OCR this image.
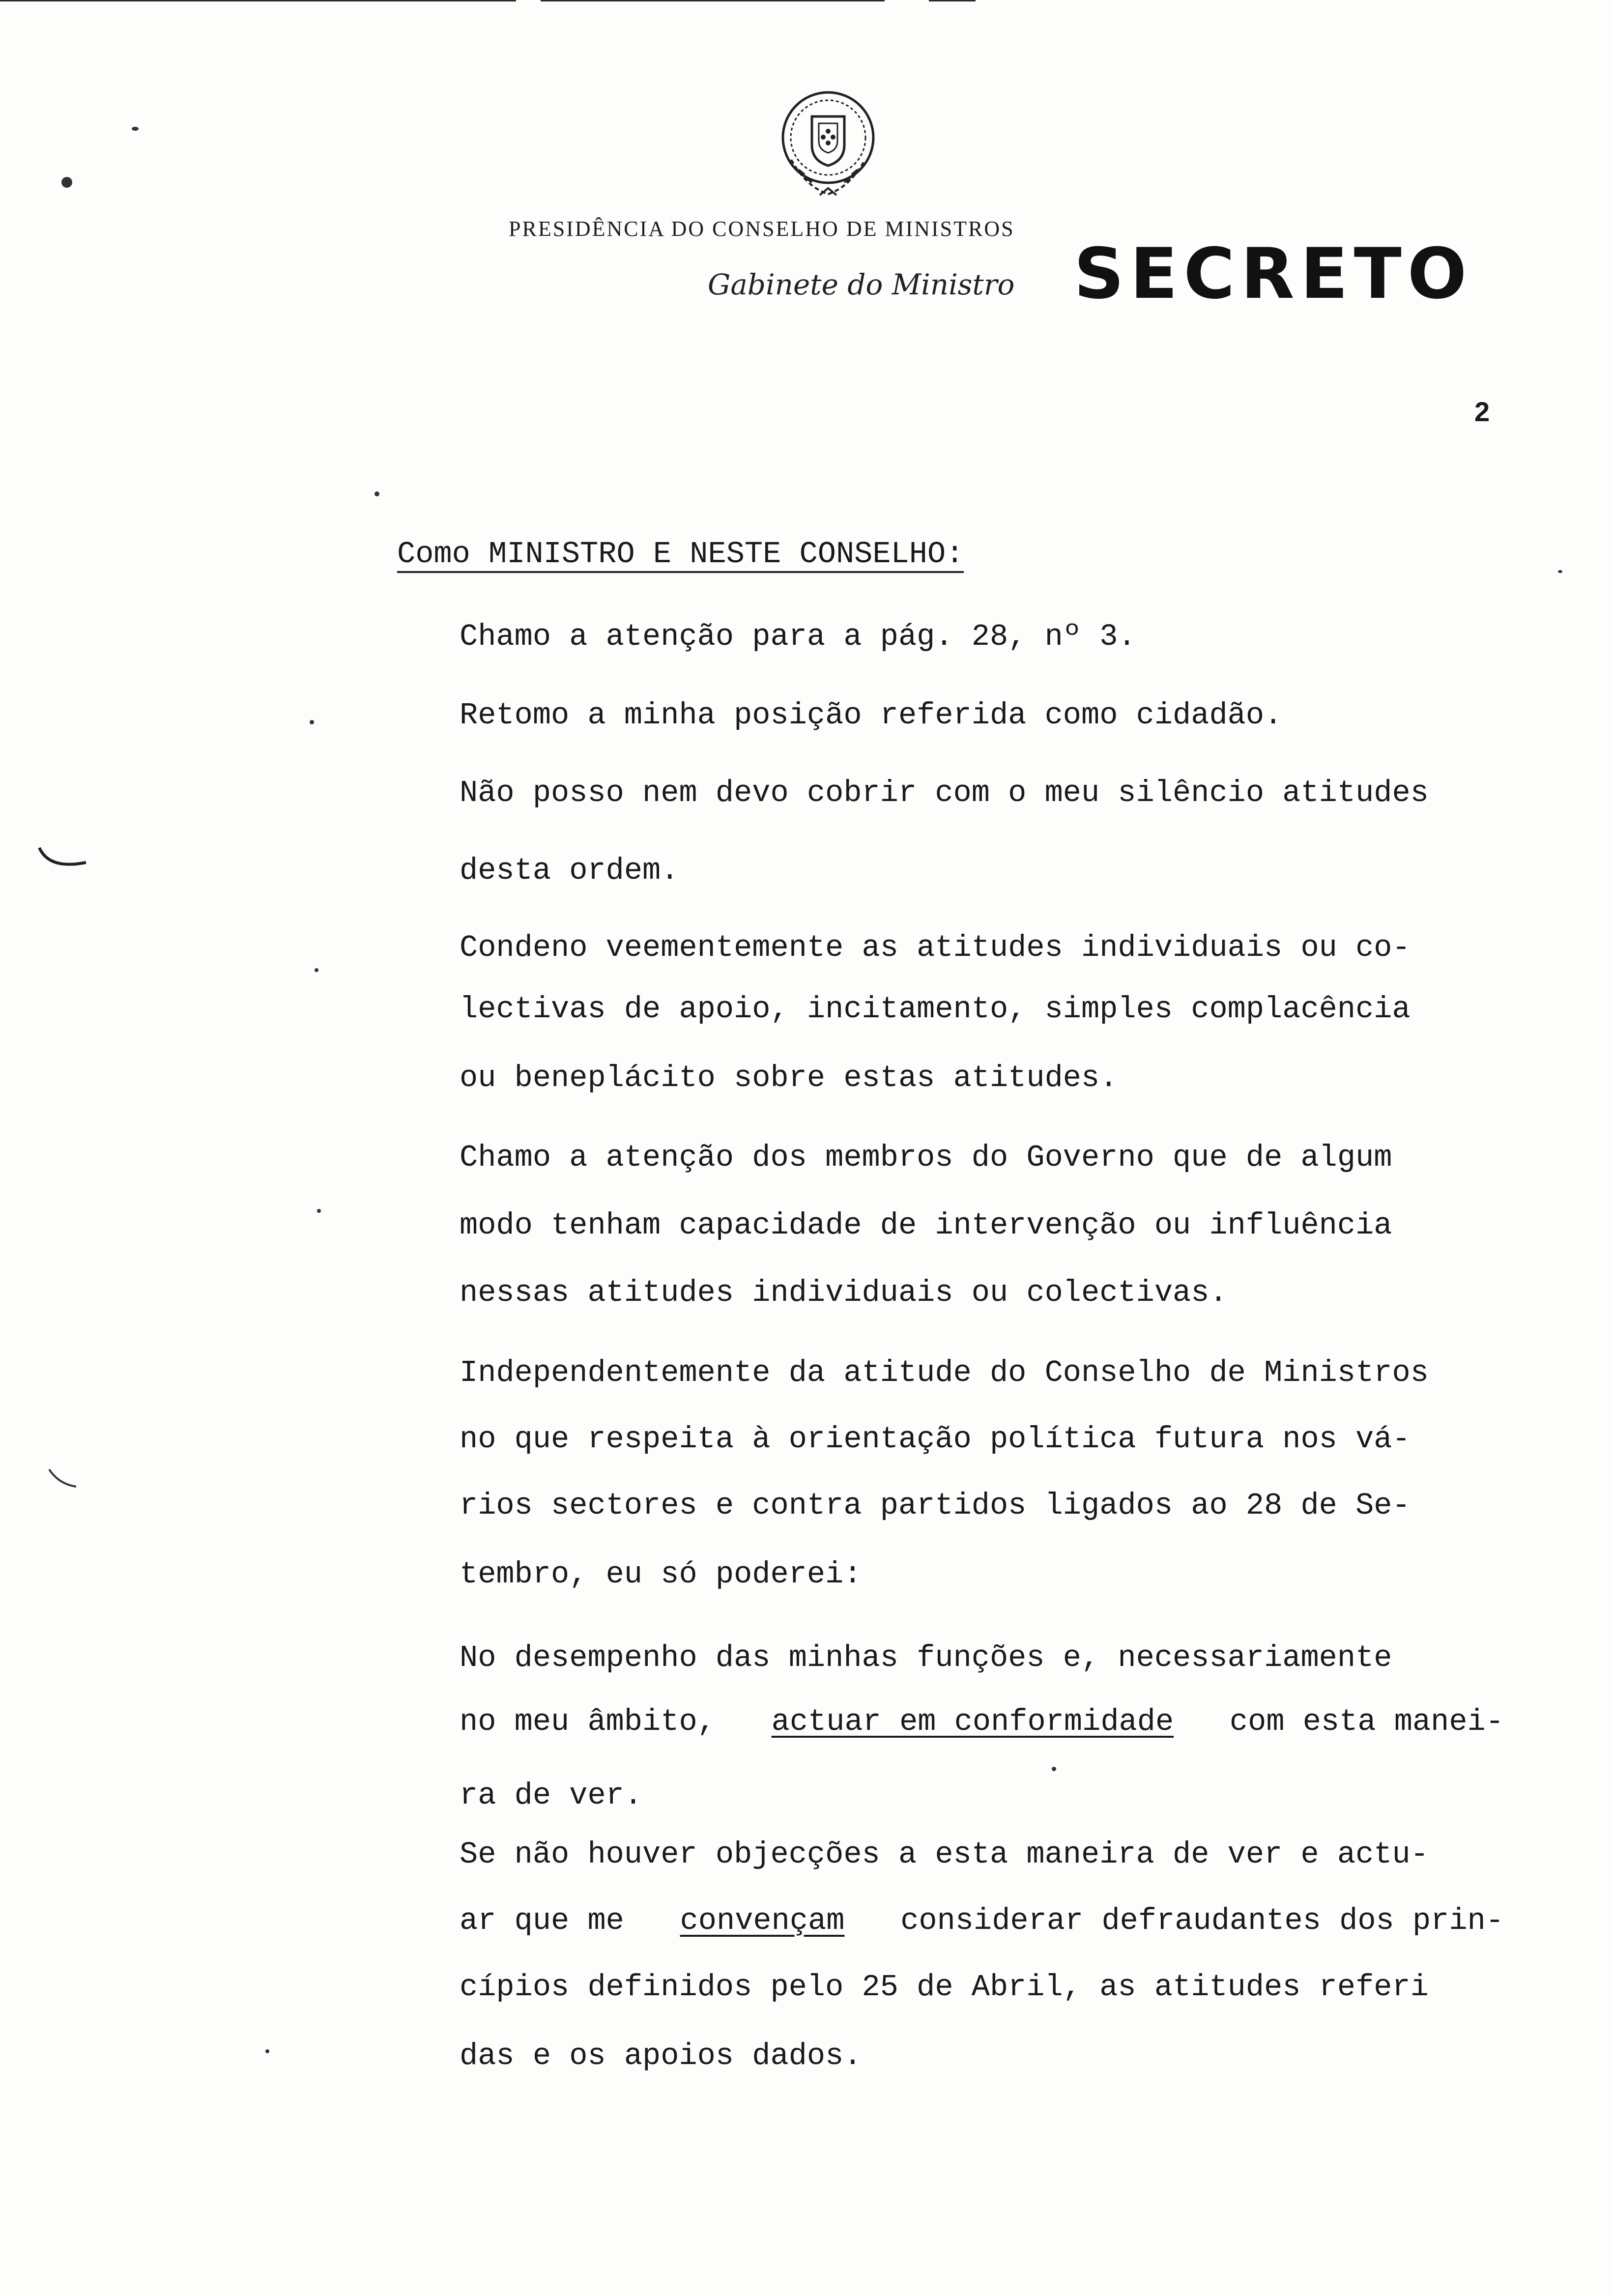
PRESIDÊNCIA DO CONSELHO DE MINISTROS
Gabinete do Ministro SECRETO
2
Como MINISTRO E NESTE CONSELHO:
Chamo a atenção para a pág. 28, nº 3.
Retomo a minha posição referida como cidadão.
Não posso nem devo cobrir com o meu silêncio atitudes
desta ordem.
Condeno veementemente as atitudes individuais ou co-
lectivas de apoio, incitamento, simples complacência
ou beneplácito sobre estas atitudes.
Chamo a atenção dos membros do Governo que de algum
modo tenham capacidade de intervenção ou influência
nessas atitudes individuais ou colectivas.
Independentemente da atitude do Conselho de Ministros
no que respeita à orientação política futura nos vá-
rios sectores e contra partidos ligados ao 28 de Se-
tembro, eu só poderei:
No desempenho das minhas funções e, necessariamente
no meu âmbito, actuar em conformidade com esta manei-
ra de ver.
Se não houver objecções a esta maneira de ver e actu-
ar que me convençam considerar defraudantes dos prin-
cípios definidos pelo 25 de Abril, as atitudes referi
das e os apoios dados.
